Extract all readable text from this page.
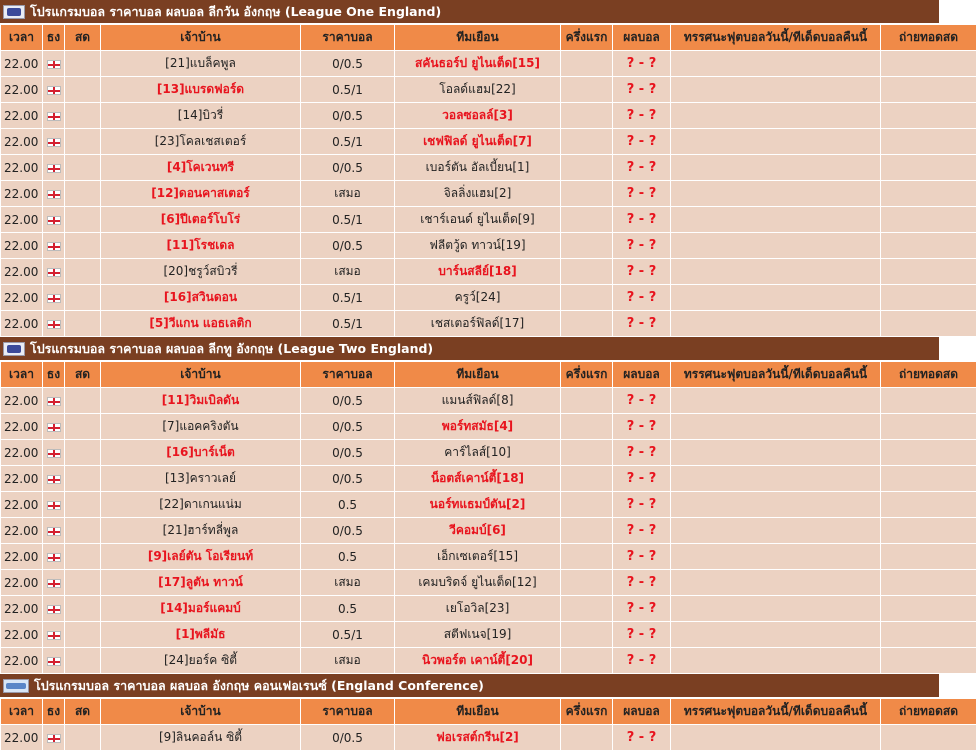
โปรแกรมบอล ราคาบอล ผลบอล ลีกวัน อังกฤษ (League One England)
เวลา	ธง	สด	เจ้าบ้าน	ราคาบอล	ทีมเยือน	ครึ่งแรก	ผลบอล	ทรรศนะฟุตบอลวันนี้/ทีเด็ดบอลคืนนี้	ถ่ายทอดสด
22.00			[21]แบล็คพูล	0/0.5	สคันธอร์ป ยูไนเต็ด[15]		? - ?		
22.00			[13]แบรดฟอร์ด	0.5/1	โอลด์แฮม[22]		? - ?		
22.00			[14]บิวรี่	0/0.5	วอลซอลล์[3]		? - ?		
22.00			[23]โคลเชสเตอร์	0.5/1	เชฟฟิลด์ ยูไนเต็ด[7]		? - ?		
22.00			[4]โคเวนทรี	0/0.5	เบอร์ตัน อัลเบี้ยน[1]		? - ?		
22.00			[12]ดอนคาสเตอร์	เสมอ	จิลลิ่งแฮม[2]		? - ?		
22.00			[6]ปีเตอร์โบโร่	0.5/1	เชาร์เอนด์ ยูไนเต็ด[9]		? - ?		
22.00			[11]โรชเดล	0/0.5	ฟลีตวู้ด ทาวน์[19]		? - ?		
22.00			[20]ชรูว์สบิวรี่	เสมอ	บาร์นสลีย์[18]		? - ?		
22.00			[16]สวินดอน	0.5/1	ครูว์[24]		? - ?		
22.00			[5]วีแกน แอธเลติก	0.5/1	เชสเตอร์ฟิลด์[17]		? - ?		
โปรแกรมบอล ราคาบอล ผลบอล ลีกทู อังกฤษ (League Two England)
เวลา	ธง	สด	เจ้าบ้าน	ราคาบอล	ทีมเยือน	ครึ่งแรก	ผลบอล	ทรรศนะฟุตบอลวันนี้/ทีเด็ดบอลคืนนี้	ถ่ายทอดสด
22.00			[11]วิมเบิลดัน	0/0.5	แมนส์ฟิลด์[8]		? - ?		
22.00			[7]แอคคริงตัน	0/0.5	พอร์ทสมัธ[4]		? - ?		
22.00			[16]บาร์เน็ต	0/0.5	คาร์ไลส์[10]		? - ?		
22.00			[13]คราวเลย์	0/0.5	น็อตส์เคาน์ตี้[18]		? - ?		
22.00			[22]ดาเกนแน่ม	0.5	นอร์ทแธมป์ตัน[2]		? - ?		
22.00			[21]ฮาร์ทลี่พูล	0/0.5	วีคอมบ์[6]		? - ?		
22.00			[9]เลย์ตัน โอเรียนท์	0.5	เอ็กเซเตอร์[15]		? - ?		
22.00			[17]ลูตัน ทาวน์	เสมอ	เคมบริดจ์ ยูไนเต็ด[12]		? - ?		
22.00			[14]มอร์แคมบ์	0.5	เยโอวิล[23]		? - ?		
22.00			[1]พลีมัธ	0.5/1	สตีฟเนจ[19]		? - ?		
22.00			[24]ยอร์ค ซิตี้	เสมอ	นิวพอร์ต เคาน์ตี้[20]		? - ?		
โปรแกรมบอล ราคาบอล ผลบอล อังกฤษ คอนเฟอเรนซ์ (England Conference)
เวลา	ธง	สด	เจ้าบ้าน	ราคาบอล	ทีมเยือน	ครึ่งแรก	ผลบอล	ทรรศนะฟุตบอลวันนี้/ทีเด็ดบอลคืนนี้	ถ่ายทอดสด
22.00			[9]ลินคอล์น ซิตี้	0/0.5	ฟอเรสต์กรีน[2]		? - ?		
